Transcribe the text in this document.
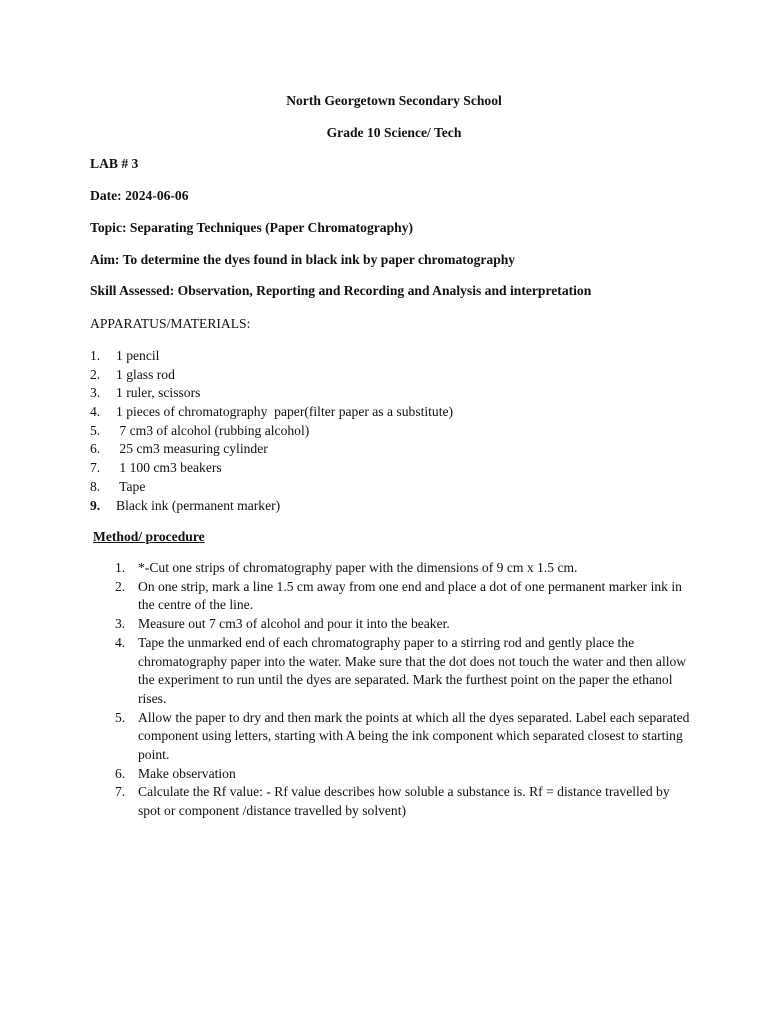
North Georgetown Secondary School
Grade 10 Science/ Tech
LAB # 3
Date: 2024-06-06
Topic: Separating Techniques (Paper Chromatography)
Aim: To determine the dyes found in black ink by paper chromatography
Skill Assessed: Observation, Reporting and Recording and Analysis and interpretation
APPARATUS/MATERIALS:
1. 1 pencil
2. 1 glass rod
3. 1 ruler, scissors
4. 1 pieces of chromatography  paper(filter paper as a substitute)
5. 7 cm3 of alcohol (rubbing alcohol)
6. 25 cm3 measuring cylinder
7. 1 100 cm3 beakers
8. Tape
9. Black ink (permanent marker)
Method/ procedure
1. *-Cut one strips of chromatography paper with the dimensions of 9 cm x 1.5 cm.
2. On one strip, mark a line 1.5 cm away from one end and place a dot of one permanent marker ink in the centre of the line.
3. Measure out 7 cm3 of alcohol and pour it into the beaker.
4. Tape the unmarked end of each chromatography paper to a stirring rod and gently place the chromatography paper into the water. Make sure that the dot does not touch the water and then allow the experiment to run until the dyes are separated. Mark the furthest point on the paper the ethanol rises.
5. Allow the paper to dry and then mark the points at which all the dyes separated. Label each separated component using letters, starting with A being the ink component which separated closest to starting point.
6. Make observation
7. Calculate the Rf value: - Rf value describes how soluble a substance is. Rf = distance travelled by spot or component /distance travelled by solvent)
